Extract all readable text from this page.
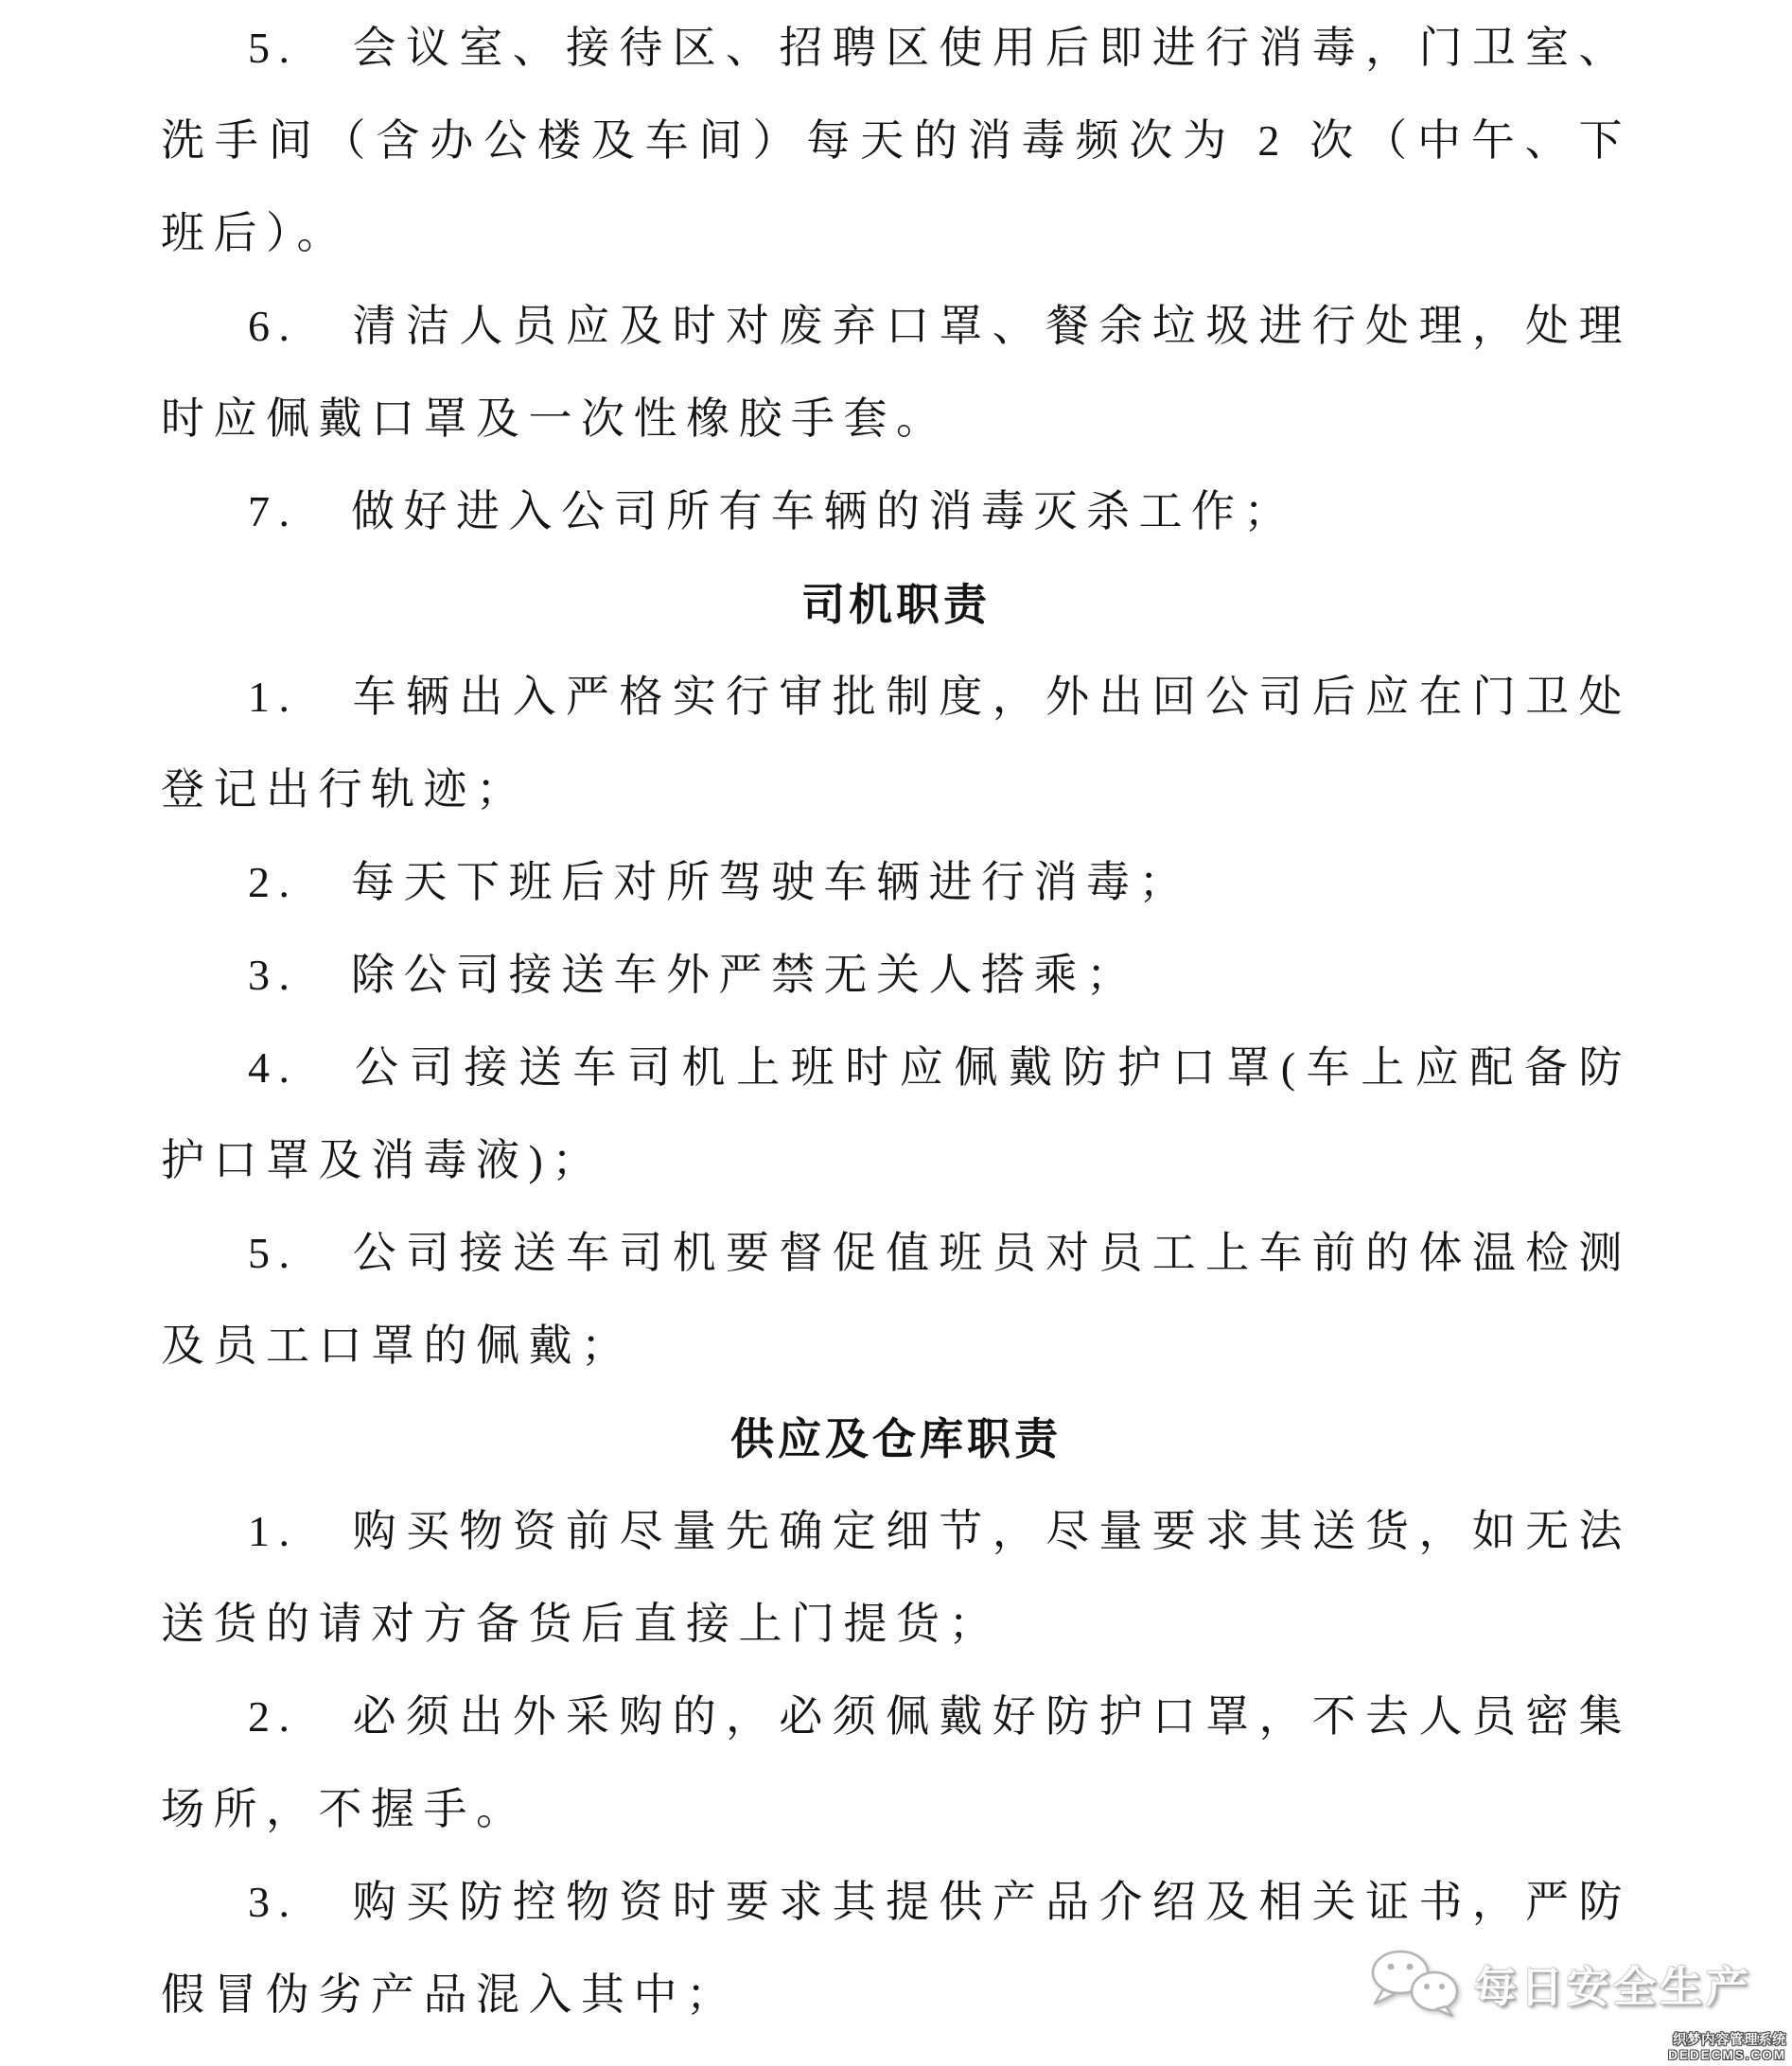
5.　会议室、接待区、招聘区使用后即进行消毒，门卫室、洗手间（含办公楼及车间）每天的消毒频次为 2 次（中午、下班后）。

6.　清洁人员应及时对废弃口罩、餐余垃圾进行处理，处理时应佩戴口罩及一次性橡胶手套。

7.　做好进入公司所有车辆的消毒灭杀工作；

司机职责

1.　车辆出入严格实行审批制度，外出回公司后应在门卫处登记出行轨迹；

2.　每天下班后对所驾驶车辆进行消毒；

3.　除公司接送车外严禁无关人搭乘；

4.　公司接送车司机上班时应佩戴防护口罩(车上应配备防护口罩及消毒液)；

5.　公司接送车司机要督促值班员对员工上车前的体温检测及员工口罩的佩戴；

供应及仓库职责

1.　购买物资前尽量先确定细节，尽量要求其送货，如无法送货的请对方备货后直接上门提货；

2.　必须出外采购的，必须佩戴好防护口罩，不去人员密集场所，不握手。

3.　购买防控物资时要求其提供产品介绍及相关证书，严防假冒伪劣产品混入其中；	每日安全生产
织梦内容管理系统
DEDECMS.COM
